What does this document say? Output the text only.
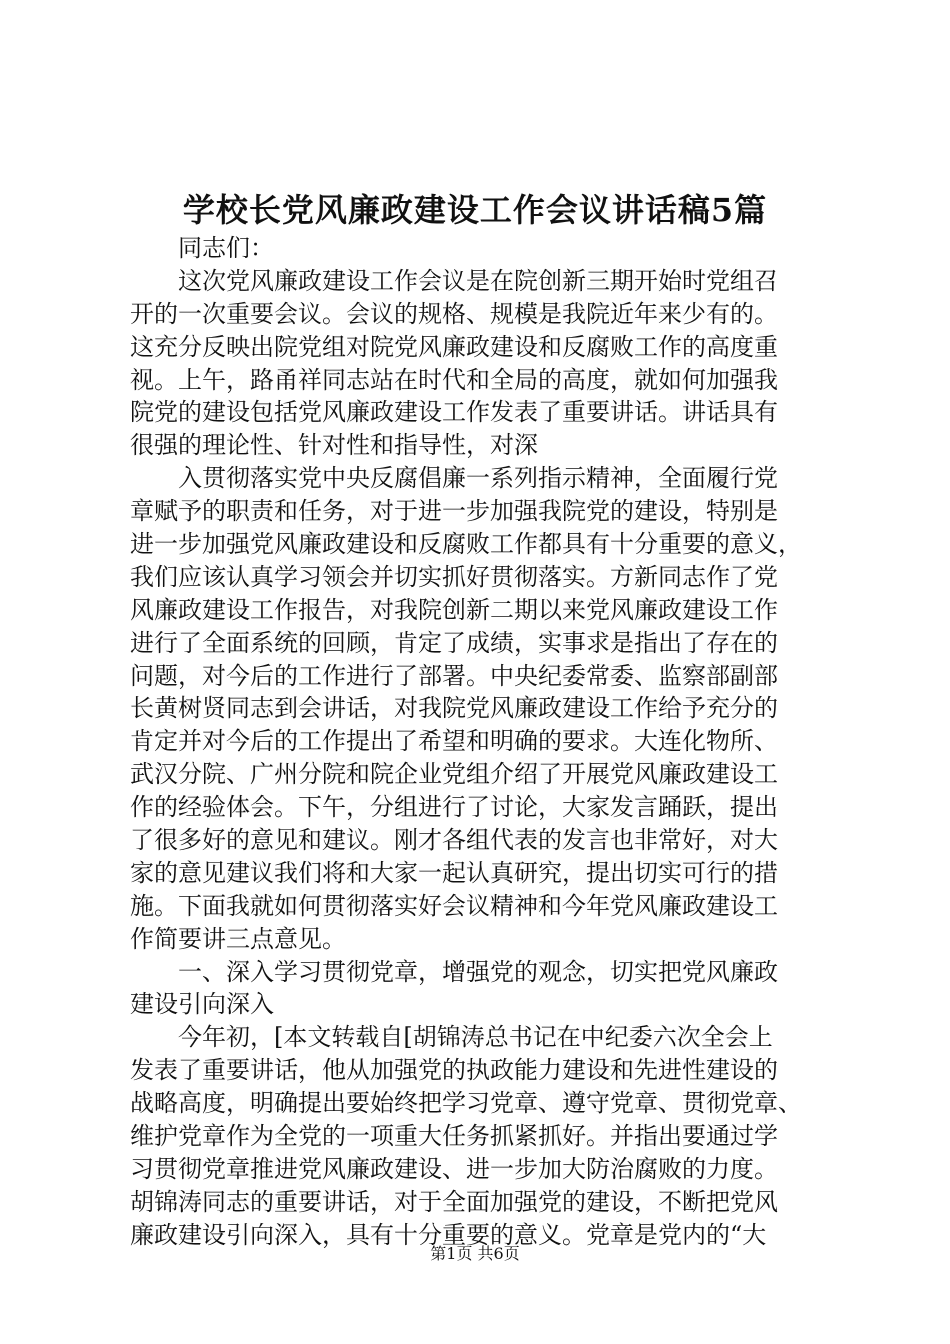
学校长党风廉政建设工作会议讲话稿5篇
同志们：
这次党风廉政建设工作会议是在院创新三期开始时党组召
开的一次重要会议。会议的规格、规模是我院近年来少有的。
这充分反映出院党组对院党风廉政建设和反腐败工作的高度重
视。上午，路甬祥同志站在时代和全局的高度，就如何加强我
院党的建设包括党风廉政建设工作发表了重要讲话。讲话具有
很强的理论性、针对性和指导性，对深
入贯彻落实党中央反腐倡廉一系列指示精神，全面履行党
章赋予的职责和任务，对于进一步加强我院党的建设，特别是
进一步加强党风廉政建设和反腐败工作都具有十分重要的意义，
我们应该认真学习领会并切实抓好贯彻落实。方新同志作了党
风廉政建设工作报告，对我院创新二期以来党风廉政建设工作
进行了全面系统的回顾，肯定了成绩，实事求是指出了存在的
问题，对今后的工作进行了部署。中央纪委常委、监察部副部
长黄树贤同志到会讲话，对我院党风廉政建设工作给予充分的
肯定并对今后的工作提出了希望和明确的要求。大连化物所、
武汉分院、广州分院和院企业党组介绍了开展党风廉政建设工
作的经验体会。下午，分组进行了讨论，大家发言踊跃，提出
了很多好的意见和建议。刚才各组代表的发言也非常好，对大
家的意见建议我们将和大家一起认真研究，提出切实可行的措
施。下面我就如何贯彻落实好会议精神和今年党风廉政建设工
作简要讲三点意见。
一、深入学习贯彻党章，增强党的观念，切实把党风廉政
建设引向深入
今年初，[本文转载自[胡锦涛总书记在中纪委六次全会上
发表了重要讲话，他从加强党的执政能力建设和先进性建设的
战略高度，明确提出要始终把学习党章、遵守党章、贯彻党章、
维护党章作为全党的一项重大任务抓紧抓好。并指出要通过学
习贯彻党章推进党风廉政建设、进一步加大防治腐败的力度。
胡锦涛同志的重要讲话，对于全面加强党的建设，不断把党风
廉政建设引向深入，具有十分重要的意义。党章是党内的“大
第1页 共6页
